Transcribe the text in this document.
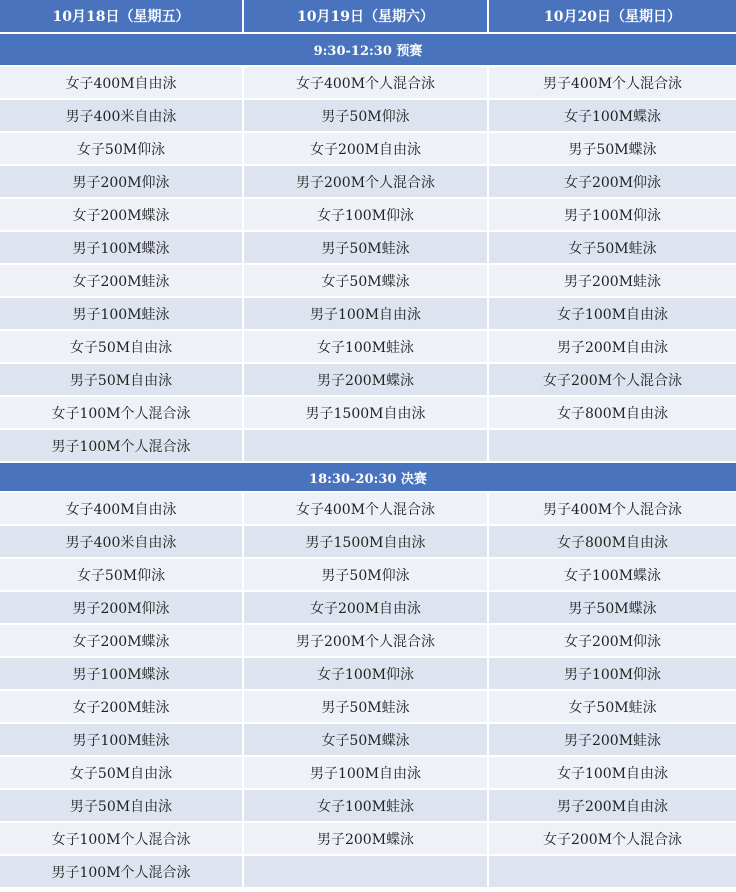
10月18日（星期五）	10月19日（星期六）	10月20日（星期日）
9:30-12:30 预赛
女子400M自由泳	女子400M个人混合泳	男子400M个人混合泳
男子400米自由泳	男子50M仰泳	女子100M蝶泳
女子50M仰泳	女子200M自由泳	男子50M蝶泳
男子200M仰泳	男子200M个人混合泳	女子200M仰泳
女子200M蝶泳	女子100M仰泳	男子100M仰泳
男子100M蝶泳	男子50M蛙泳	女子50M蛙泳
女子200M蛙泳	女子50M蝶泳	男子200M蛙泳
男子100M蛙泳	男子100M自由泳	女子100M自由泳
女子50M自由泳	女子100M蛙泳	男子200M自由泳
男子50M自由泳	男子200M蝶泳	女子200M个人混合泳
女子100M个人混合泳	男子1500M自由泳	女子800M自由泳
男子100M个人混合泳
18:30-20:30 决赛
女子400M自由泳	女子400M个人混合泳	男子400M个人混合泳
男子400米自由泳	男子1500M自由泳	女子800M自由泳
女子50M仰泳	男子50M仰泳	女子100M蝶泳
男子200M仰泳	女子200M自由泳	男子50M蝶泳
女子200M蝶泳	男子200M个人混合泳	女子200M仰泳
男子100M蝶泳	女子100M仰泳	男子100M仰泳
女子200M蛙泳	男子50M蛙泳	女子50M蛙泳
男子100M蛙泳	女子50M蝶泳	男子200M蛙泳
女子50M自由泳	男子100M自由泳	女子100M自由泳
男子50M自由泳	女子100M蛙泳	男子200M自由泳
女子100M个人混合泳	男子200M蝶泳	女子200M个人混合泳
男子100M个人混合泳
